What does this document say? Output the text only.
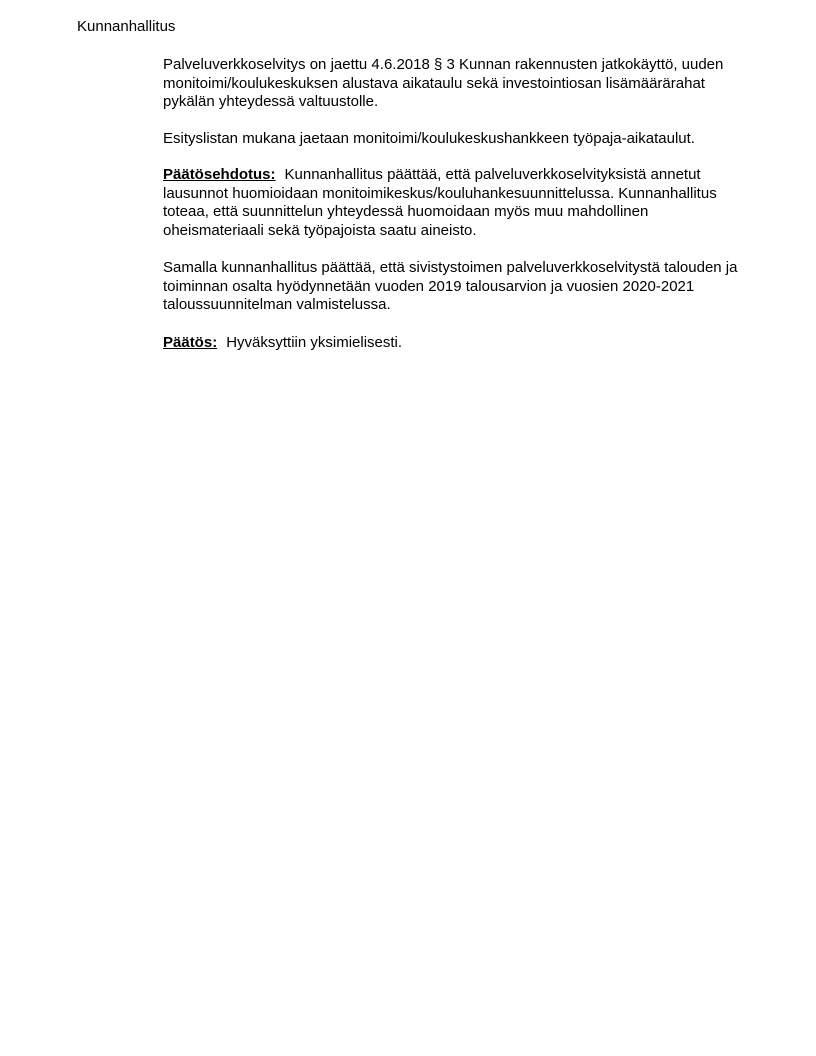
Kunnanhallitus

Palveluverkkoselvitys on jaettu 4.6.2018 § 3 Kunnan rakennusten jatkokäyttö, uuden monitoimi/koulukeskuksen alustava aikataulu sekä investointiosan lisämäärärahat pykälän yhteydessä valtuustolle.

Esityslistan mukana jaetaan monitoimi/koulukeskushankkeen työpaja-aikataulut.

Päätösehdotus: Kunnanhallitus päättää, että palveluverkkoselvityksistä annetut lausunnot huomioidaan monitoimikeskus/kouluhankesuunnittelussa. Kunnanhallitus toteaa, että suunnittelun yhteydessä huomoidaan myös muu mahdollinen oheismateriaali sekä työpajoista saatu aineisto.

Samalla kunnanhallitus päättää, että sivistystoimen palveluverkkoselvitystä talouden ja toiminnan osalta hyödynnetään vuoden 2019 talousarvion ja vuosien 2020-2021 taloussuunnitelman valmistelussa.

Päätös: Hyväksyttiin yksimielisesti.
